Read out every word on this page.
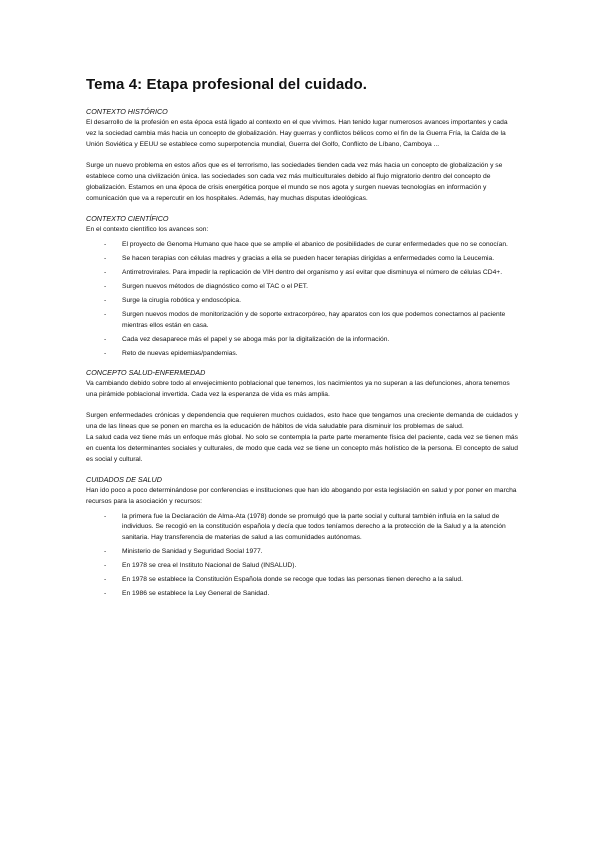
Tema 4: Etapa profesional del cuidado.
CONTEXTO HISTÓRICO

El desarrollo de la profesión en esta época está ligado al contexto en el que vivimos. Han tenido lugar numerosos avances importantes y cada vez la sociedad cambia más hacia un concepto de globalización. Hay guerras y conflictos bélicos como el fin de la Guerra Fría, la Caída de la Unión Soviética y EEUU se establece como superpotencia mundial, Guerra del Golfo, Conflicto de Líbano, Camboya ...

Surge un nuevo problema en estos años que es el terrorismo, las sociedades tienden cada vez más hacia un concepto de globalización y se establece como una civilización única. las sociedades son cada vez más multiculturales debido al flujo migratorio dentro del concepto de globalización. Estamos en una época de crisis energética porque el mundo se nos agota y surgen nuevas tecnologías en información y comunicación que va a repercutir en los hospitales. Además, hay muchas disputas ideológicas.

CONTEXTO CIENTÍFICO

En el contexto científico los avances son:

- El proyecto de Genoma Humano que hace que se amplíe el abanico de posibilidades de curar enfermedades que no se conocían.
- Se hacen terapias con células madres y gracias a ella se pueden hacer terapias dirigidas a enfermedades como la Leucemia.
- Antirretrovirales. Para impedir la replicación de VIH dentro del organismo y así evitar que disminuya el número de células CD4+.
- Surgen nuevos métodos de diagnóstico como el TAC o el PET.
- Surge la cirugía robótica y endoscópica.
- Surgen nuevos modos de monitorización y de soporte extracorpóreo, hay aparatos con los que podemos conectarnos al paciente mientras ellos están en casa.
- Cada vez desaparece más el papel y se aboga más por la digitalización de la información.
- Reto de nuevas epidemias/pandemias.
CONCEPTO SALUD-ENFERMEDAD

Va cambiando debido sobre todo al envejecimiento poblacional que tenemos, los nacimientos ya no superan a las defunciones, ahora tenemos una pirámide poblacional invertida. Cada vez la esperanza de vida es más amplia.

Surgen enfermedades crónicas y dependencia que requieren muchos cuidados, esto hace que tengamos una creciente demanda de cuidados y una de las líneas que se ponen en marcha es la educación de hábitos de vida saludable para disminuir los problemas de salud.

La salud cada vez tiene más un enfoque más global. No solo se contempla la parte parte meramente física del paciente, cada vez se tienen más en cuenta los determinantes sociales y culturales, de modo que cada vez se tiene un concepto más holístico de la persona. El concepto de salud es social y cultural.

CUIDADOS DE SALUD

Han ido poco a poco determinándose por conferencias e instituciones que han ido abogando por esta legislación en salud y por poner en marcha recursos para la asociación y recursos:

- la primera fue la Declaración de Alma-Ata (1978) donde se promulgó que la parte social y cultural también influía en la salud de individuos. Se recogió en la constitución española y decía que todos teníamos derecho a la protección de la Salud y a la atención sanitaria. Hay transferencia de materias de salud a las comunidades autónomas.
- Ministerio de Sanidad y Seguridad Social 1977.
- En 1978 se crea el Instituto Nacional de Salud (INSALUD).
- En 1978 se establece la Constitución Española donde se recoge que todas las personas tienen derecho a la salud.
- En 1986 se establece la Ley General de Sanidad.
